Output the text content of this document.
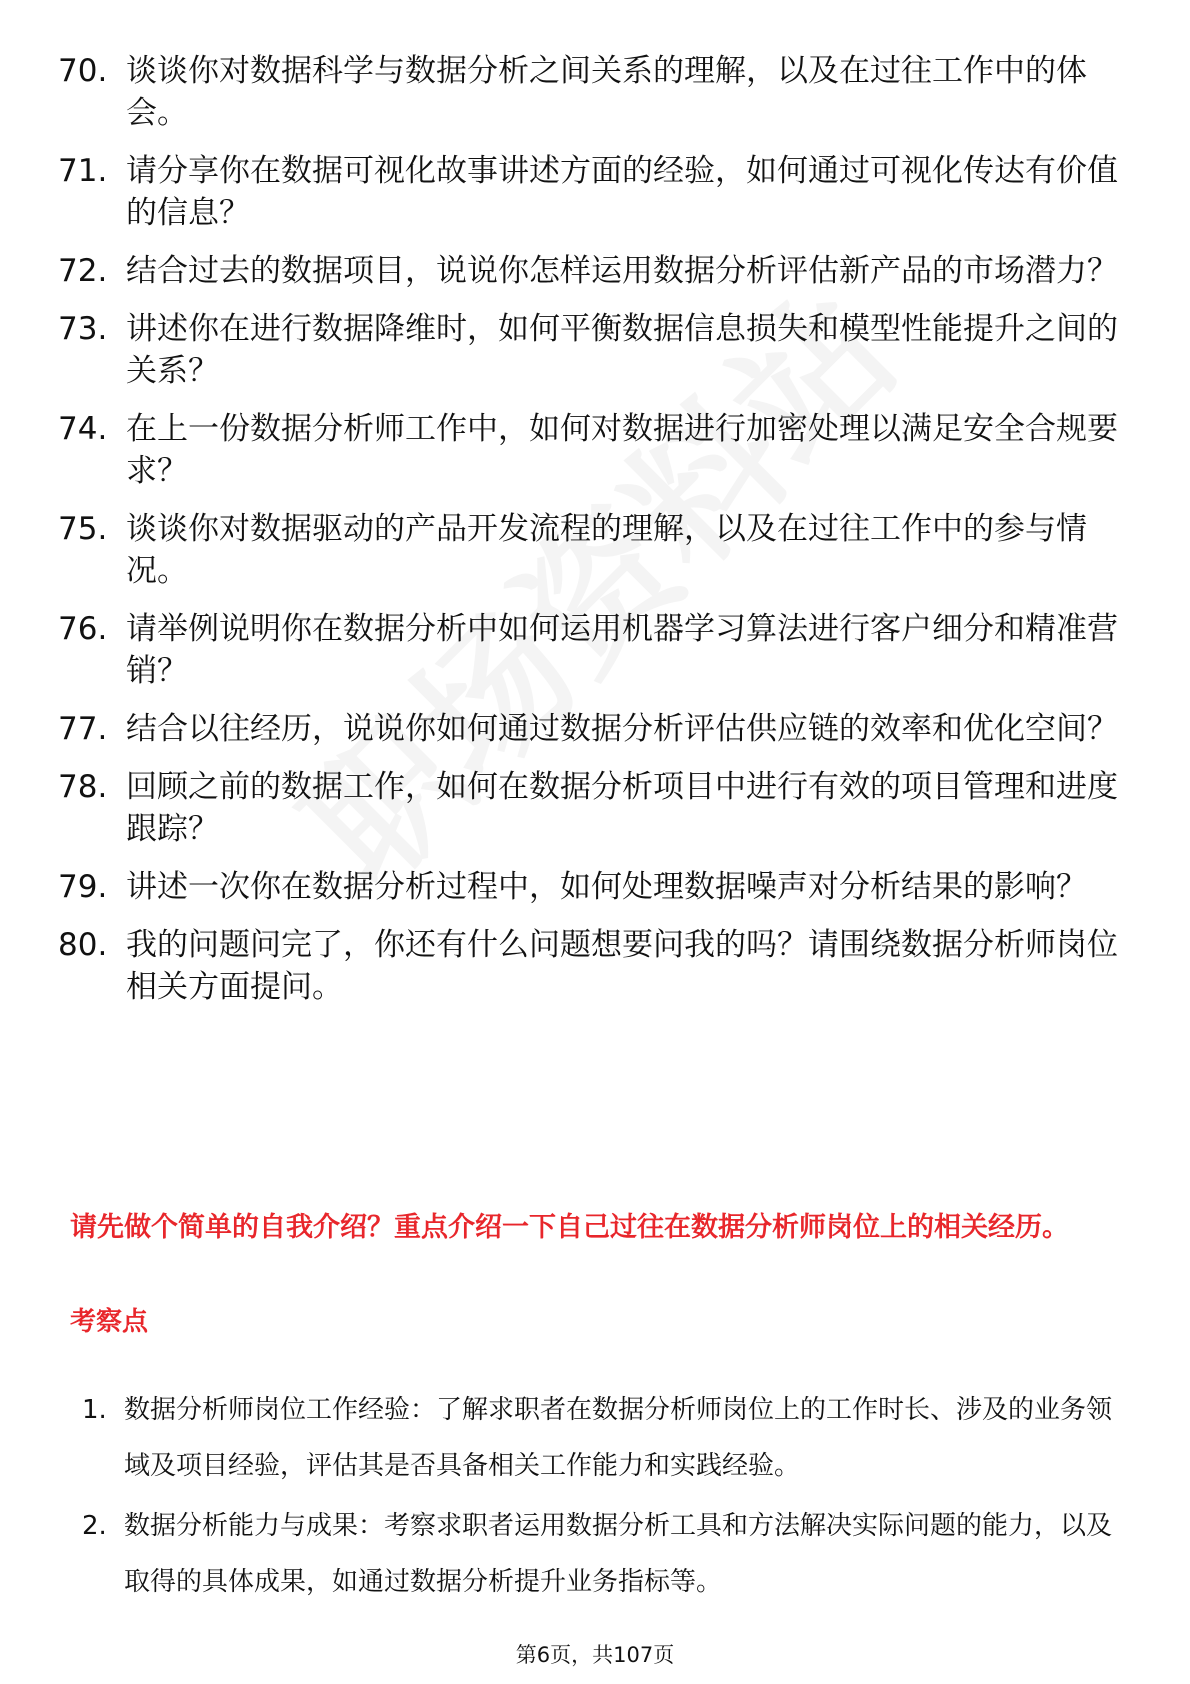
70. 谈谈你对数据科学与数据分析之间关系的理解，以及在过往工作中的体会。
71. 请分享你在数据可视化故事讲述方面的经验，如何通过可视化传达有价值的信息？
72. 结合过去的数据项目，说说你怎样运用数据分析评估新产品的市场潜力？
73. 讲述你在进行数据降维时，如何平衡数据信息损失和模型性能提升之间的关系？
74. 在上一份数据分析师工作中，如何对数据进行加密处理以满足安全合规要求？
75. 谈谈你对数据驱动的产品开发流程的理解，以及在过往工作中的参与情况。
76. 请举例说明你在数据分析中如何运用机器学习算法进行客户细分和精准营销？
77. 结合以往经历，说说你如何通过数据分析评估供应链的效率和优化空间？
78. 回顾之前的数据工作，如何在数据分析项目中进行有效的项目管理和进度跟踪？
79. 讲述一次你在数据分析过程中，如何处理数据噪声对分析结果的影响？
80. 我的问题问完了，你还有什么问题想要问我的吗？请围绕数据分析师岗位相关方面提问。
请先做个简单的自我介绍？重点介绍一下自己过往在数据分析师岗位上的相关经历。
考察点
1. 数据分析师岗位工作经验：了解求职者在数据分析师岗位上的工作时长、涉及的业务领域及项目经验，评估其是否具备相关工作能力和实践经验。
2. 数据分析能力与成果：考察求职者运用数据分析工具和方法解决实际问题的能力，以及取得的具体成果，如通过数据分析提升业务指标等。
第6页，共107页
